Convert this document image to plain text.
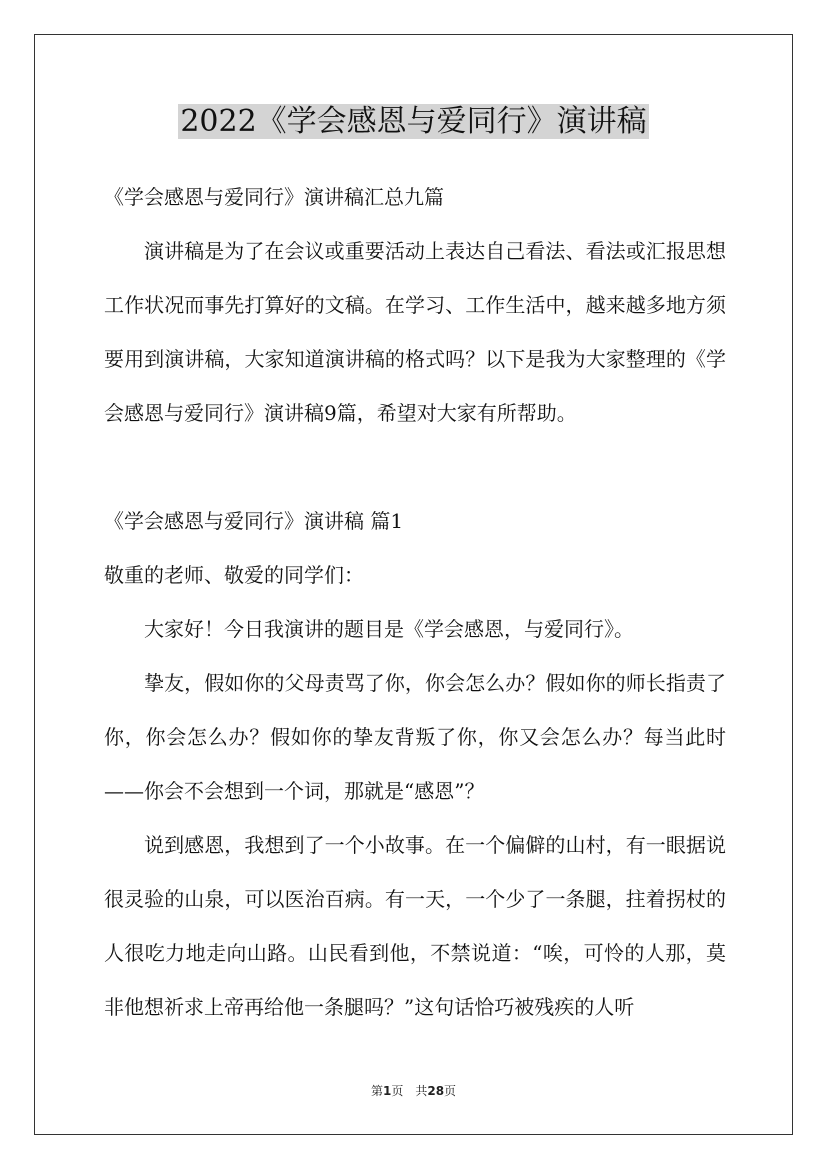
2022《学会感恩与爱同行》演讲稿

《学会感恩与爱同行》演讲稿汇总九篇

演讲稿是为了在会议或重要活动上表达自己看法、看法或汇报思想工作状况而事先打算好的文稿。在学习、工作生活中，越来越多地方须要用到演讲稿，大家知道演讲稿的格式吗？以下是我为大家整理的《学会感恩与爱同行》演讲稿9篇，希望对大家有所帮助。

《学会感恩与爱同行》演讲稿 篇1

敬重的老师、敬爱的同学们：

大家好！今日我演讲的题目是《学会感恩，与爱同行》。

挚友，假如你的父母责骂了你，你会怎么办？假如你的师长指责了你，你会怎么办？假如你的挚友背叛了你，你又会怎么办？每当此时——你会不会想到一个词，那就是“感恩”？

说到感恩，我想到了一个小故事。在一个偏僻的山村，有一眼据说很灵验的山泉，可以医治百病。有一天，一个少了一条腿，拄着拐杖的人很吃力地走向山路。山民看到他，不禁说道：“唉，可怜的人那，莫非他想祈求上帝再给他一条腿吗？”这句话恰巧被残疾的人听

第1页 共28页
